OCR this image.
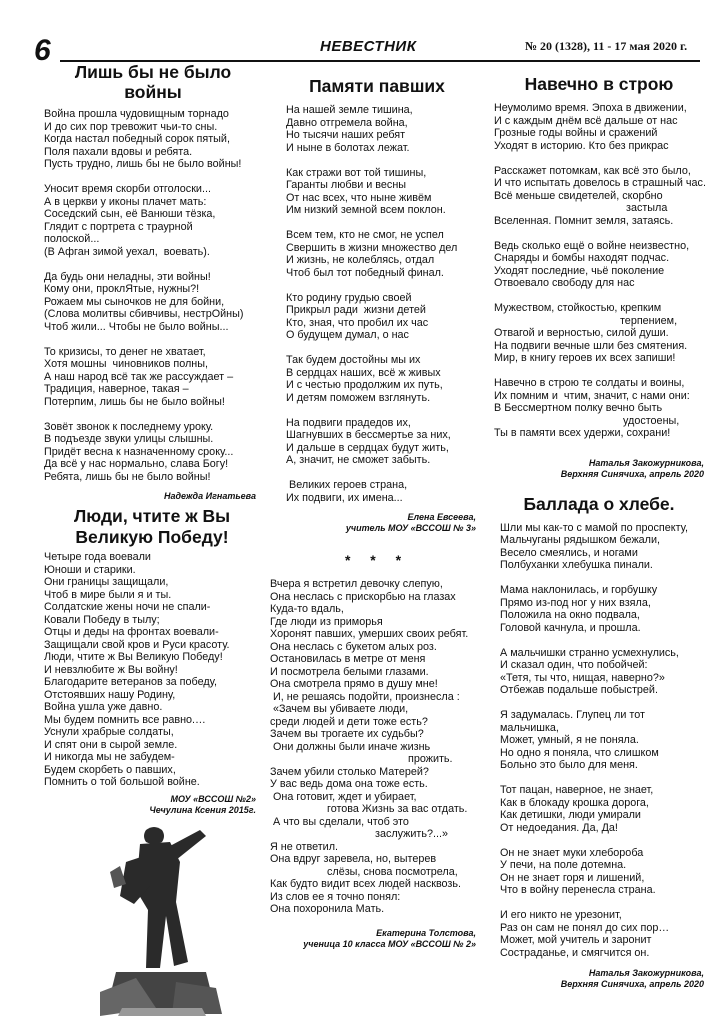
6	НЕВЕСТНИК	№ 20 (1328), 11 - 17 мая 2020 г.
Лишь бы не было войны
Война прошла чудовищным торнадо
И до сих пор тревожит чьи-то сны.
Когда настал победный сорок пятый,
Поля пахали вдовы и ребята.
Пусть трудно, лишь бы не было войны!

Уносит время скорби отголоски...
А в церкви у иконы плачет мать:
Соседский сын, её Ванюши тёзка,
Глядит с портрета с траурной
полоской...
(В Афган зимой уехал,  воевать).

Да будь они неладны, эти войны!
Кому они, проклЯтые, нужны?!
Рожаем мы сыночков не для бойни,
(Слова молитвы сбивчивы, нестрОйны)
Чтоб жили... Чтобы не было войны...

То кризисы, то денег не хватает,
Хотя мошны  чиновников полны,
А наш народ всё так же рассуждает –
Традиция, наверное, такая –
Потерпим, лишь бы не было войны!

Зовёт звонок к последнему уроку.
В подъезде звуки улицы слышны.
Придёт весна к назначенному сроку...
Да всё у нас нормально, слава Богу!
Ребята, лишь бы не было войны!
Надежда Игнатьева
Люди, чтите ж Вы Великую Победу!
Четыре года воевали
Юноши и старики.
Они границы защищали,
Чтоб в мире были я и ты.
Солдатские жены ночи не спали-
Ковали Победу в тылу;
Отцы и деды на фронтах воевали-
Защищали свой кров и Руси красоту.
Люди, чтите ж Вы Великую Победу!
И невзлюбите ж Вы войну!
Благодарите ветеранов за победу,
Отстоявших нашу Родину,
Война ушла уже давно.
Мы будем помнить все равно.…
Уснули храбрые солдаты,
И спят они в сырой земле.
И никогда мы не забудем-
Будем скорбеть о павших,
Помнить о той большой войне.
МОУ «ВССОШ №2»
Чечулина Ксения 2015г.
Памяти павших
На нашей земле тишина,
Давно отгремела война,
Но тысячи наших ребят
И ныне в болотах лежат.

Как стражи вот той тишины,
Гаранты любви и весны
От нас всех, что ныне живём
Им низкий земной всем поклон.

Всем тем, кто не смог, не успел
Свершить в жизни множество дел
И жизнь, не колеблясь, отдал
Чтоб был тот победный финал.

Кто родину грудью своей
Прикрыл ради  жизни детей
Кто, зная, что пробил их час
О будущем думал, о нас

Так будем достойны мы их
В сердцах наших, всё ж живых
И с честью продолжим их путь,
И детям поможем взглянуть.

На подвиги прадедов их,
Шагнувших в бессмертье за них,
И дальше в сердцах будут жить,
А, значит, не сможет забыть.

Великих героев страна,
Их подвиги, их имена...
Елена Евсеева,
учитель МОУ «ВССОШ № 3»
* * *
Вчера я встретил девочку слепую,
Она неслась с прискорбью на глазах
Куда-то вдаль,
Где люди из приморья
Хоронят павших, умерших своих ребят.
Она неслась с букетом алых роз.
Остановилась в метре от меня
И посмотрела белыми глазами.
Она смотрела прямо в душу мне!
И, не решаясь подойти, произнесла :
«Зачем вы убиваете люди,
среди людей и дети тоже есть?
Зачем вы трогаете их судьбы?
Они должны были иначе жизнь
прожить.
Зачем убили столько Матерей?
У вас ведь дома она тоже есть.
Она готовит, ждет и убирает,
готова Жизнь за вас отдать.
А что вы сделали, чтоб это
заслужить?...»
Я не ответил.
Она вдруг заревела, но, вытерев
слёзы, снова посмотрела,
Как будто видит всех людей насквозь.
Из слов ее я точно понял:
Она похоронила Мать.
Екатерина Толстова,
ученица 10 класса МОУ «ВССОШ № 2»
Навечно в строю
Неумолимо время. Эпоха в движении,
И с каждым днём всё дальше от нас
Грозные годы войны и сражений
Уходят в историю. Кто без прикрас

Расскажет потомкам, как всё это было,
И что испытать довелось в страшный час.
Всё меньше свидетелей, скорбно
застыла
Вселенная. Помнит земля, затаясь.

Ведь сколько ещё о войне неизвестно,
Снаряды и бомбы находят подчас.
Уходят последние, чьё поколение
Отвоевало свободу для нас

Мужеством, стойкостью, крепким
терпением,
Отвагой и верностью, силой души.
На подвиги вечные шли без смятения.
Мир, в книгу героев их всех запиши!

Навечно в строю те солдаты и воины,
Их помним и  чтим, значит, с нами они:
В Бессмертном полку вечно быть
удостоены,
Ты в памяти всех удержи, сохрани!
Наталья Закожурникова,
Верхняя Синячиха, апрель 2020
Баллада о хлебе.
Шли мы как-то с мамой по проспекту,
Мальчуганы рядышком бежали,
Весело смеялись, и ногами
Полбуханки хлебушка пинали.

Мама наклонилась, и горбушку
Прямо из-под ног у них взяла,
Положила на окно подвала,
Головой качнула, и прошла.

А мальчишки странно усмехнулись,
И сказал один, что побойчей:
«Тетя, ты что, нищая, наверно?»
Отбежав подальше побыстрей.

Я задумалась. Глупец ли тот
мальчишка,
Может, умный, я не поняла.
Но одно я поняла, что слишком
Больно это было для меня.

Тот пацан, наверное, не знает,
Как в блокаду крошка дорога,
Как детишки, люди умирали
От недоедания. Да, Да!

Он не знает муки хлебороба
У печи, на поле дотемна.
Он не знает горя и лишений,
Что в войну перенесла страна.

И его никто не урезонит,
Раз он сам не понял до сих пор…
Может, мой учитель и заронит
Состраданье, и смягчится он.
Наталья Закожурникова,
Верхняя Синячиха, апрель 2020
